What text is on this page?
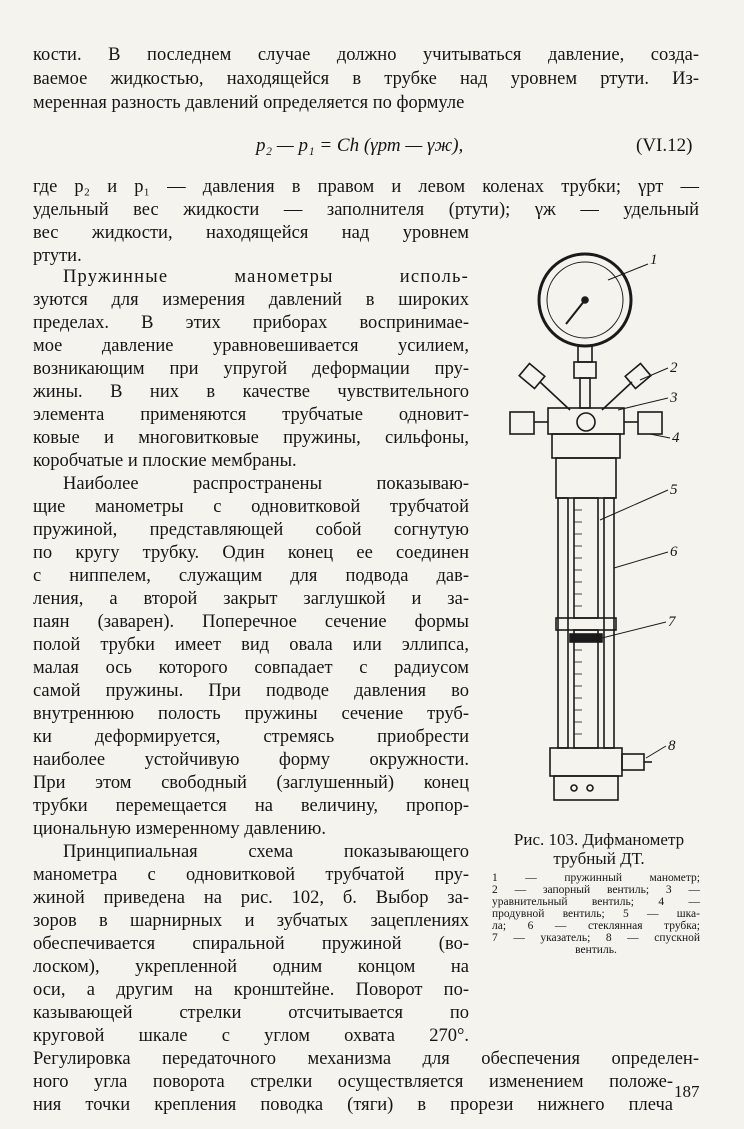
кости. В последнем случае должно учитываться давление, созда-
ваемое жидкостью, находящейся в трубке над уровнем ртути. Из-
меренная разность давлений определяется по формуле
p₂ — p₁ = Ch (γрт — γж),	(VI.12)
где p₂ и p₁ — давления в правом и левом коленах трубки; γрт —
удельный вес жидкости — заполнителя (ртути); γж — удельный
вес жидкости, находящейся над уровнем
ртути.
Пружинные манометры исполь-
зуются для измерения давлений в широких
пределах. В этих приборах воспринимае-
мое давление уравновешивается усилием,
возникающим при упругой деформации пру-
жины. В них в качестве чувствительного
элемента применяются трубчатые одновит-
ковые и многовитковые пружины, сильфоны,
коробчатые и плоские мембраны.
Наиболее распространены показываю-
щие манометры с одновитковой трубчатой
пружиной, представляющей собой согнутую
по кругу трубку. Один конец ее соединен
с ниппелем, служащим для подвода дав-
ления, а второй закрыт заглушкой и за-
паян (заварен). Поперечное сечение формы
полой трубки имеет вид овала или эллипса,
малая ось которого совпадает с радиусом
самой пружины. При подводе давления во
внутреннюю полость пружины сечение труб-
ки деформируется, стремясь приобрести
наиболее устойчивую форму окружности.
При этом свободный (заглушенный) конец
трубки перемещается на величину, пропор-
циональную измеренному давлению.
Принципиальная схема показывающего
манометра с одновитковой трубчатой пру-
жиной приведена на рис. 102, б. Выбор за-
зоров в шарнирных и зубчатых зацеплениях
обеспечивается спиральной пружиной (во-
лоском), укрепленной одним концом на
оси, а другим на кронштейне. Поворот по-
казывающей стрелки отсчитывается по
круговой шкале с углом охвата 270°.
Регулировка передаточного механизма для обеспечения определен-
ного угла поворота стрелки осуществляется изменением положе-
ния точки крепления поводка (тяги) в прорези нижнего плеча
1
2
3
4
5
6
7
8
Рис. 103. Дифманометр
трубный ДТ.
1 — пружинный манометр;
2 — запорный вентиль; 3 —
уравнительный вентиль; 4 —
продувной вентиль; 5 — шка-
ла; 6 — стеклянная трубка;
7 — указатель; 8 — спускной
вентиль.
187
